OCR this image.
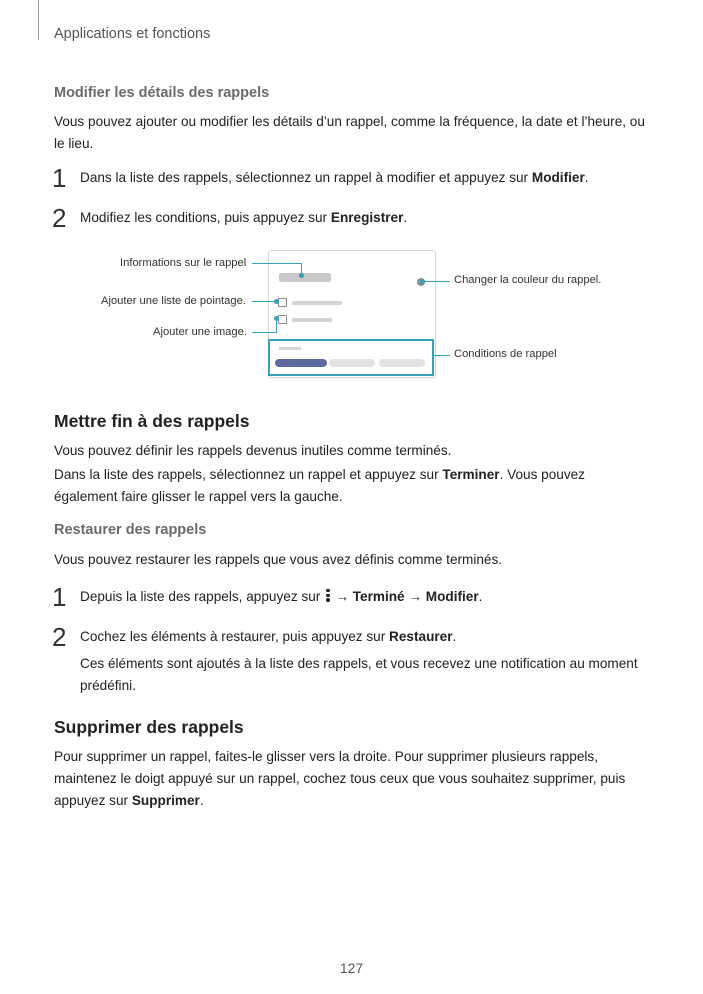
Applications et fonctions
Modifier les détails des rappels
Vous pouvez ajouter ou modifier les détails d’un rappel, comme la fréquence, la date et l’heure, ou le lieu.
1 Dans la liste des rappels, sélectionnez un rappel à modifier et appuyez sur Modifier.
2 Modifiez les conditions, puis appuyez sur Enregistrer.
Informations sur le rappel
Ajouter une liste de pointage.
Ajouter une image.
Changer la couleur du rappel.
Conditions de rappel
Mettre fin à des rappels
Vous pouvez définir les rappels devenus inutiles comme terminés.
Dans la liste des rappels, sélectionnez un rappel et appuyez sur Terminer. Vous pouvez également faire glisser le rappel vers la gauche.
Restaurer des rappels
Vous pouvez restaurer les rappels que vous avez définis comme terminés.
1 Depuis la liste des rappels, appuyez sur
→ Terminé → Modifier.
2 Cochez les éléments à restaurer, puis appuyez sur Restaurer.
Ces éléments sont ajoutés à la liste des rappels, et vous recevez une notification au moment prédéfini.
Supprimer des rappels
Pour supprimer un rappel, faites-le glisser vers la droite. Pour supprimer plusieurs rappels, maintenez le doigt appuyé sur un rappel, cochez tous ceux que vous souhaitez supprimer, puis appuyez sur Supprimer.
127
